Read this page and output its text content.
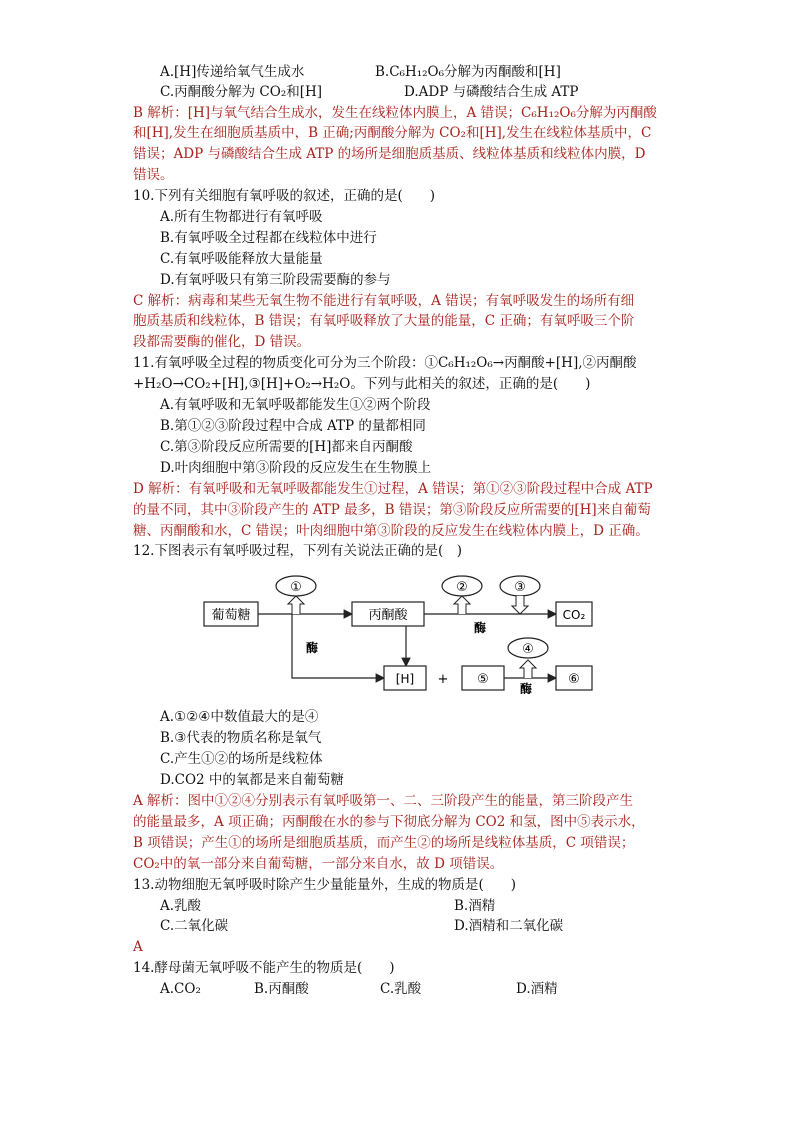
A.[H]传递给氧气生成水	B.C₆H₁₂O₆分解为丙酮酸和[H]
C.丙酮酸分解为 CO₂和[H]	D.ADP 与磷酸结合生成 ATP
B 解析：[H]与氧气结合生成水，发生在线粒体内膜上，A 错误；C₆H₁₂O₆分解为丙酮酸
和[H],发生在细胞质基质中，B 正确;丙酮酸分解为 CO₂和[H],发生在线粒体基质中，C
错误；ADP 与磷酸结合生成 ATP 的场所是细胞质基质、线粒体基质和线粒体内膜，D
错误。
10.下列有关细胞有氧呼吸的叙述，正确的是(　　)
A.所有生物都进行有氧呼吸
B.有氧呼吸全过程都在线粒体中进行
C.有氧呼吸能释放大量能量
D.有氧呼吸只有第三阶段需要酶的参与
C 解析：病毒和某些无氧生物不能进行有氧呼吸，A 错误；有氧呼吸发生的场所有细
胞质基质和线粒体，B 错误；有氧呼吸释放了大量的能量，C 正确；有氧呼吸三个阶
段都需要酶的催化，D 错误。
11.有氧呼吸全过程的物质变化可分为三个阶段：①C₆H₁₂O₆→丙酮酸+[H],②丙酮酸
+H₂O→CO₂+[H],③[H]+O₂→H₂O。下列与此相关的叙述，正确的是(　　)
A.有氧呼吸和无氧呼吸都能发生①②两个阶段
B.第①②③阶段过程中合成 ATP 的量都相同
C.第③阶段反应所需要的[H]都来自丙酮酸
D.叶肉细胞中第③阶段的反应发生在生物膜上
D 解析：有氧呼吸和无氧呼吸都能发生①过程，A 错误；第①②③阶段过程中合成 ATP
的量不同，其中③阶段产生的 ATP 最多，B 错误；第③阶段反应所需要的[H]来自葡萄
糖、丙酮酸和水，C 错误；叶肉细胞中第③阶段的反应发生在线粒体内膜上，D 正确。
12.下图表示有氧呼吸过程，下列有关说法正确的是(　)
葡萄糖
①
丙酮酸
酶
②	③
CO₂
酶
[H] + ⑤
酶
④
⑥
A.①②④中数值最大的是④
B.③代表的物质名称是氧气
C.产生①②的场所是线粒体
D.CO2 中的氧都是来自葡萄糖
A 解析：图中①②④分别表示有氧呼吸第一、二、三阶段产生的能量，第三阶段产生
的能量最多，A 项正确；丙酮酸在水的参与下彻底分解为 CO2 和氢，图中⑤表示水，
B 项错误；产生①的场所是细胞质基质，而产生②的场所是线粒体基质，C 项错误；
CO₂中的氧一部分来自葡萄糖，一部分来自水，故 D 项错误。
13.动物细胞无氧呼吸时除产生少量能量外，生成的物质是(　　)
A.乳酸	B.酒精
C.二氧化碳	D.酒精和二氧化碳
A
14.酵母菌无氧呼吸不能产生的物质是(　　)
A.CO₂	B.丙酮酸	C.乳酸	D.酒精
